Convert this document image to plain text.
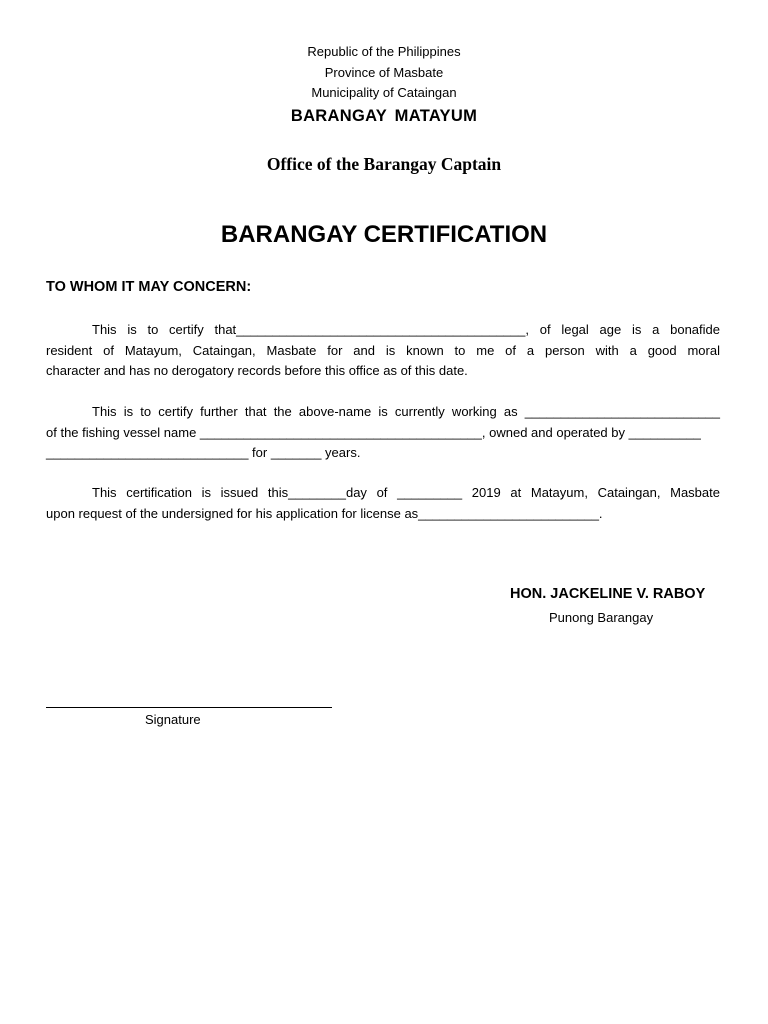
Republic of the Philippines
Province of Masbate
Municipality of Cataingan
BARANGAY MATAYUM
Office of the Barangay Captain
BARANGAY CERTIFICATION
TO WHOM IT MAY CONCERN:
This is to certify that________________________________________, of legal age is a bonafide
resident of Matayum, Cataingan, Masbate for and is known to me of a person with a good moral
character and has no derogatory records before this office as of this date.
This is to certify further that the above-name is currently working as ___________________________
of the fishing vessel name _______________________________________, owned and operated by __________
____________________________ for _______ years.
This certification is issued this________day of _________ 2019 at Matayum, Cataingan, Masbate
upon request of the undersigned for his application for license as_________________________.
HON. JACKELINE V. RABOY
Punong Barangay
Signature
